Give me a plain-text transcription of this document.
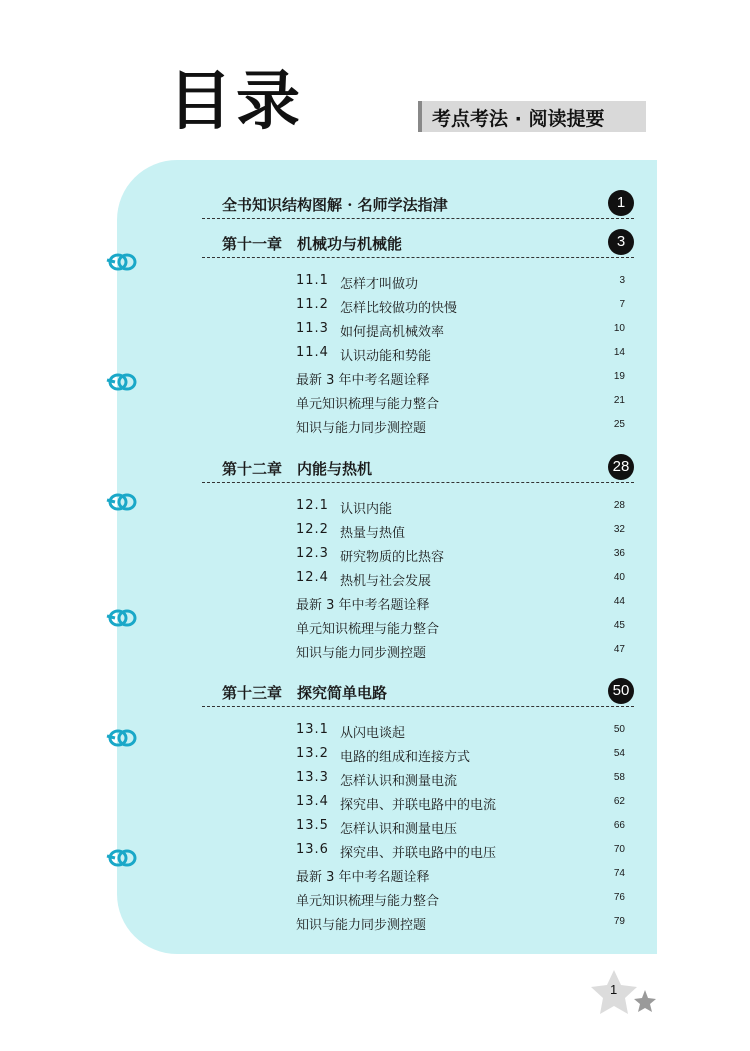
目录	考点考法 · 阅读提要
全书知识结构图解 · 名师学法指津	1
第十一章　机械功与机械能	3
11.1 怎样才叫做功	3
11.2 怎样比较做功的快慢	7
11.3 如何提高机械效率	10
11.4 认识动能和势能	14
最新 3 年中考名题诠释	19
单元知识梳理与能力整合	21
知识与能力同步测控题	25
第十二章　内能与热机	28
12.1 认识内能	28
12.2 热量与热值	32
12.3 研究物质的比热容	36
12.4 热机与社会发展	40
最新 3 年中考名题诠释	44
单元知识梳理与能力整合	45
知识与能力同步测控题	47
第十三章　探究简单电路	50
13.1 从闪电谈起	50
13.2 电路的组成和连接方式	54
13.3 怎样认识和测量电流	58
13.4 探究串、并联电路中的电流	62
13.5 怎样认识和测量电压	66
13.6 探究串、并联电路中的电压	70
最新 3 年中考名题诠释	74
单元知识梳理与能力整合	76
知识与能力同步测控题	79
1
